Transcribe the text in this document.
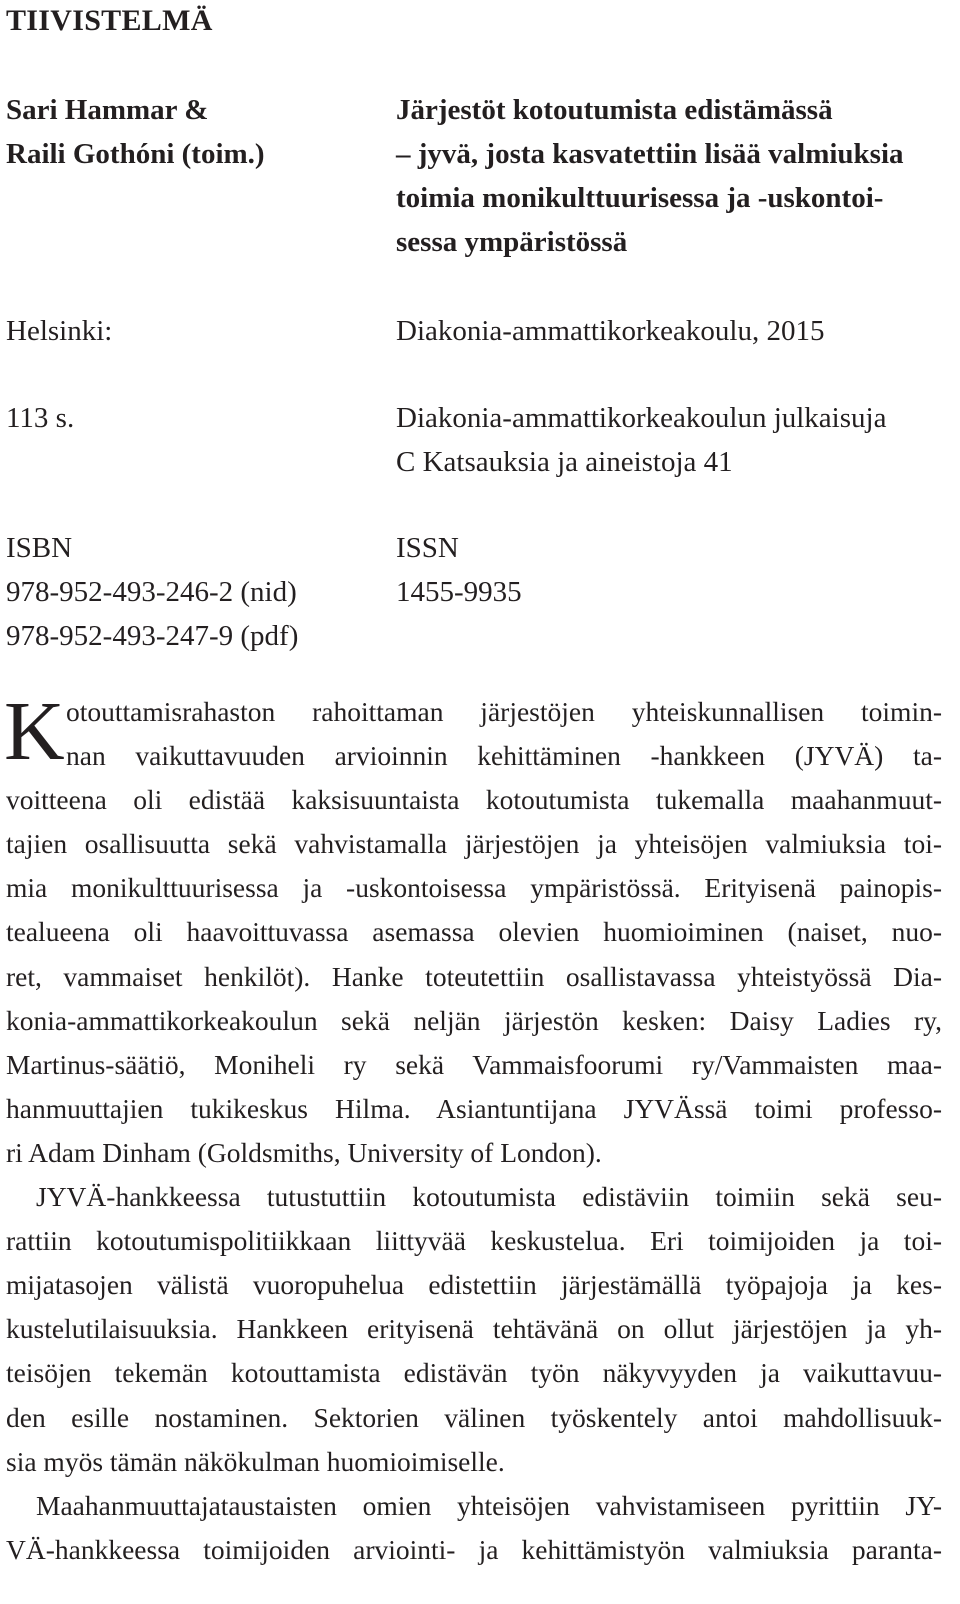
TIIVISTELMÄ
Sari Hammar &
Raili Gothóni (toim.)
Järjestöt kotoutumista edistämässä
– jyvä, josta kasvatettiin lisää valmiuksia
toimia monikulttuurisessa ja -uskontoi-
sessa ympäristössä
Helsinki:	Diakonia-ammattikorkeakoulu, 2015
113 s.	Diakonia-ammattikorkeakoulun julkaisuja
C Katsauksia ja aineistoja 41
ISBN
978-952-493-246-2 (nid)
978-952-493-247-9 (pdf)
ISSN
1455-9935
K otouttamisrahaston rahoittaman järjestöjen yhteiskunnallisen toimin-
nan vaikuttavuuden arvioinnin kehittäminen -hankkeen (JYVÄ) ta-
voitteena oli edistää kaksisuuntaista kotoutumista tukemalla maahanmuut-
tajien osallisuutta sekä vahvistamalla järjestöjen ja yhteisöjen valmiuksia toi-
mia monikulttuurisessa ja -uskontoisessa ympäristössä. Erityisenä painopis-
tealueena oli haavoittuvassa asemassa olevien huomioiminen (naiset, nuo-
ret, vammaiset henkilöt). Hanke toteutettiin osallistavassa yhteistyössä Dia-
konia-ammattikorkeakoulun sekä neljän järjestön kesken: Daisy Ladies ry,
Martinus-säätiö, Moniheli ry sekä Vammaisfoorumi ry/Vammaisten maa-
hanmuuttajien tukikeskus Hilma. Asiantuntijana JYVÄssä toimi professo-
ri Adam Dinham (Goldsmiths, University of London).
JYVÄ-hankkeessa tutustuttiin kotoutumista edistäviin toimiin sekä seu-
rattiin kotoutumispolitiikkaan liittyvää keskustelua. Eri toimijoiden ja toi-
mijatasojen välistä vuoropuhelua edistettiin järjestämällä työpajoja ja kes-
kustelutilaisuuksia. Hankkeen erityisenä tehtävänä on ollut järjestöjen ja yh-
teisöjen tekemän kotouttamista edistävän työn näkyvyyden ja vaikuttavuu-
den esille nostaminen. Sektorien välinen työskentely antoi mahdollisuuk-
sia myös tämän näkökulman huomioimiselle.
Maahanmuuttajataustaisten omien yhteisöjen vahvistamiseen pyrittiin JY-
VÄ-hankkeessa toimijoiden arviointi- ja kehittämistyön valmiuksia paranta-
